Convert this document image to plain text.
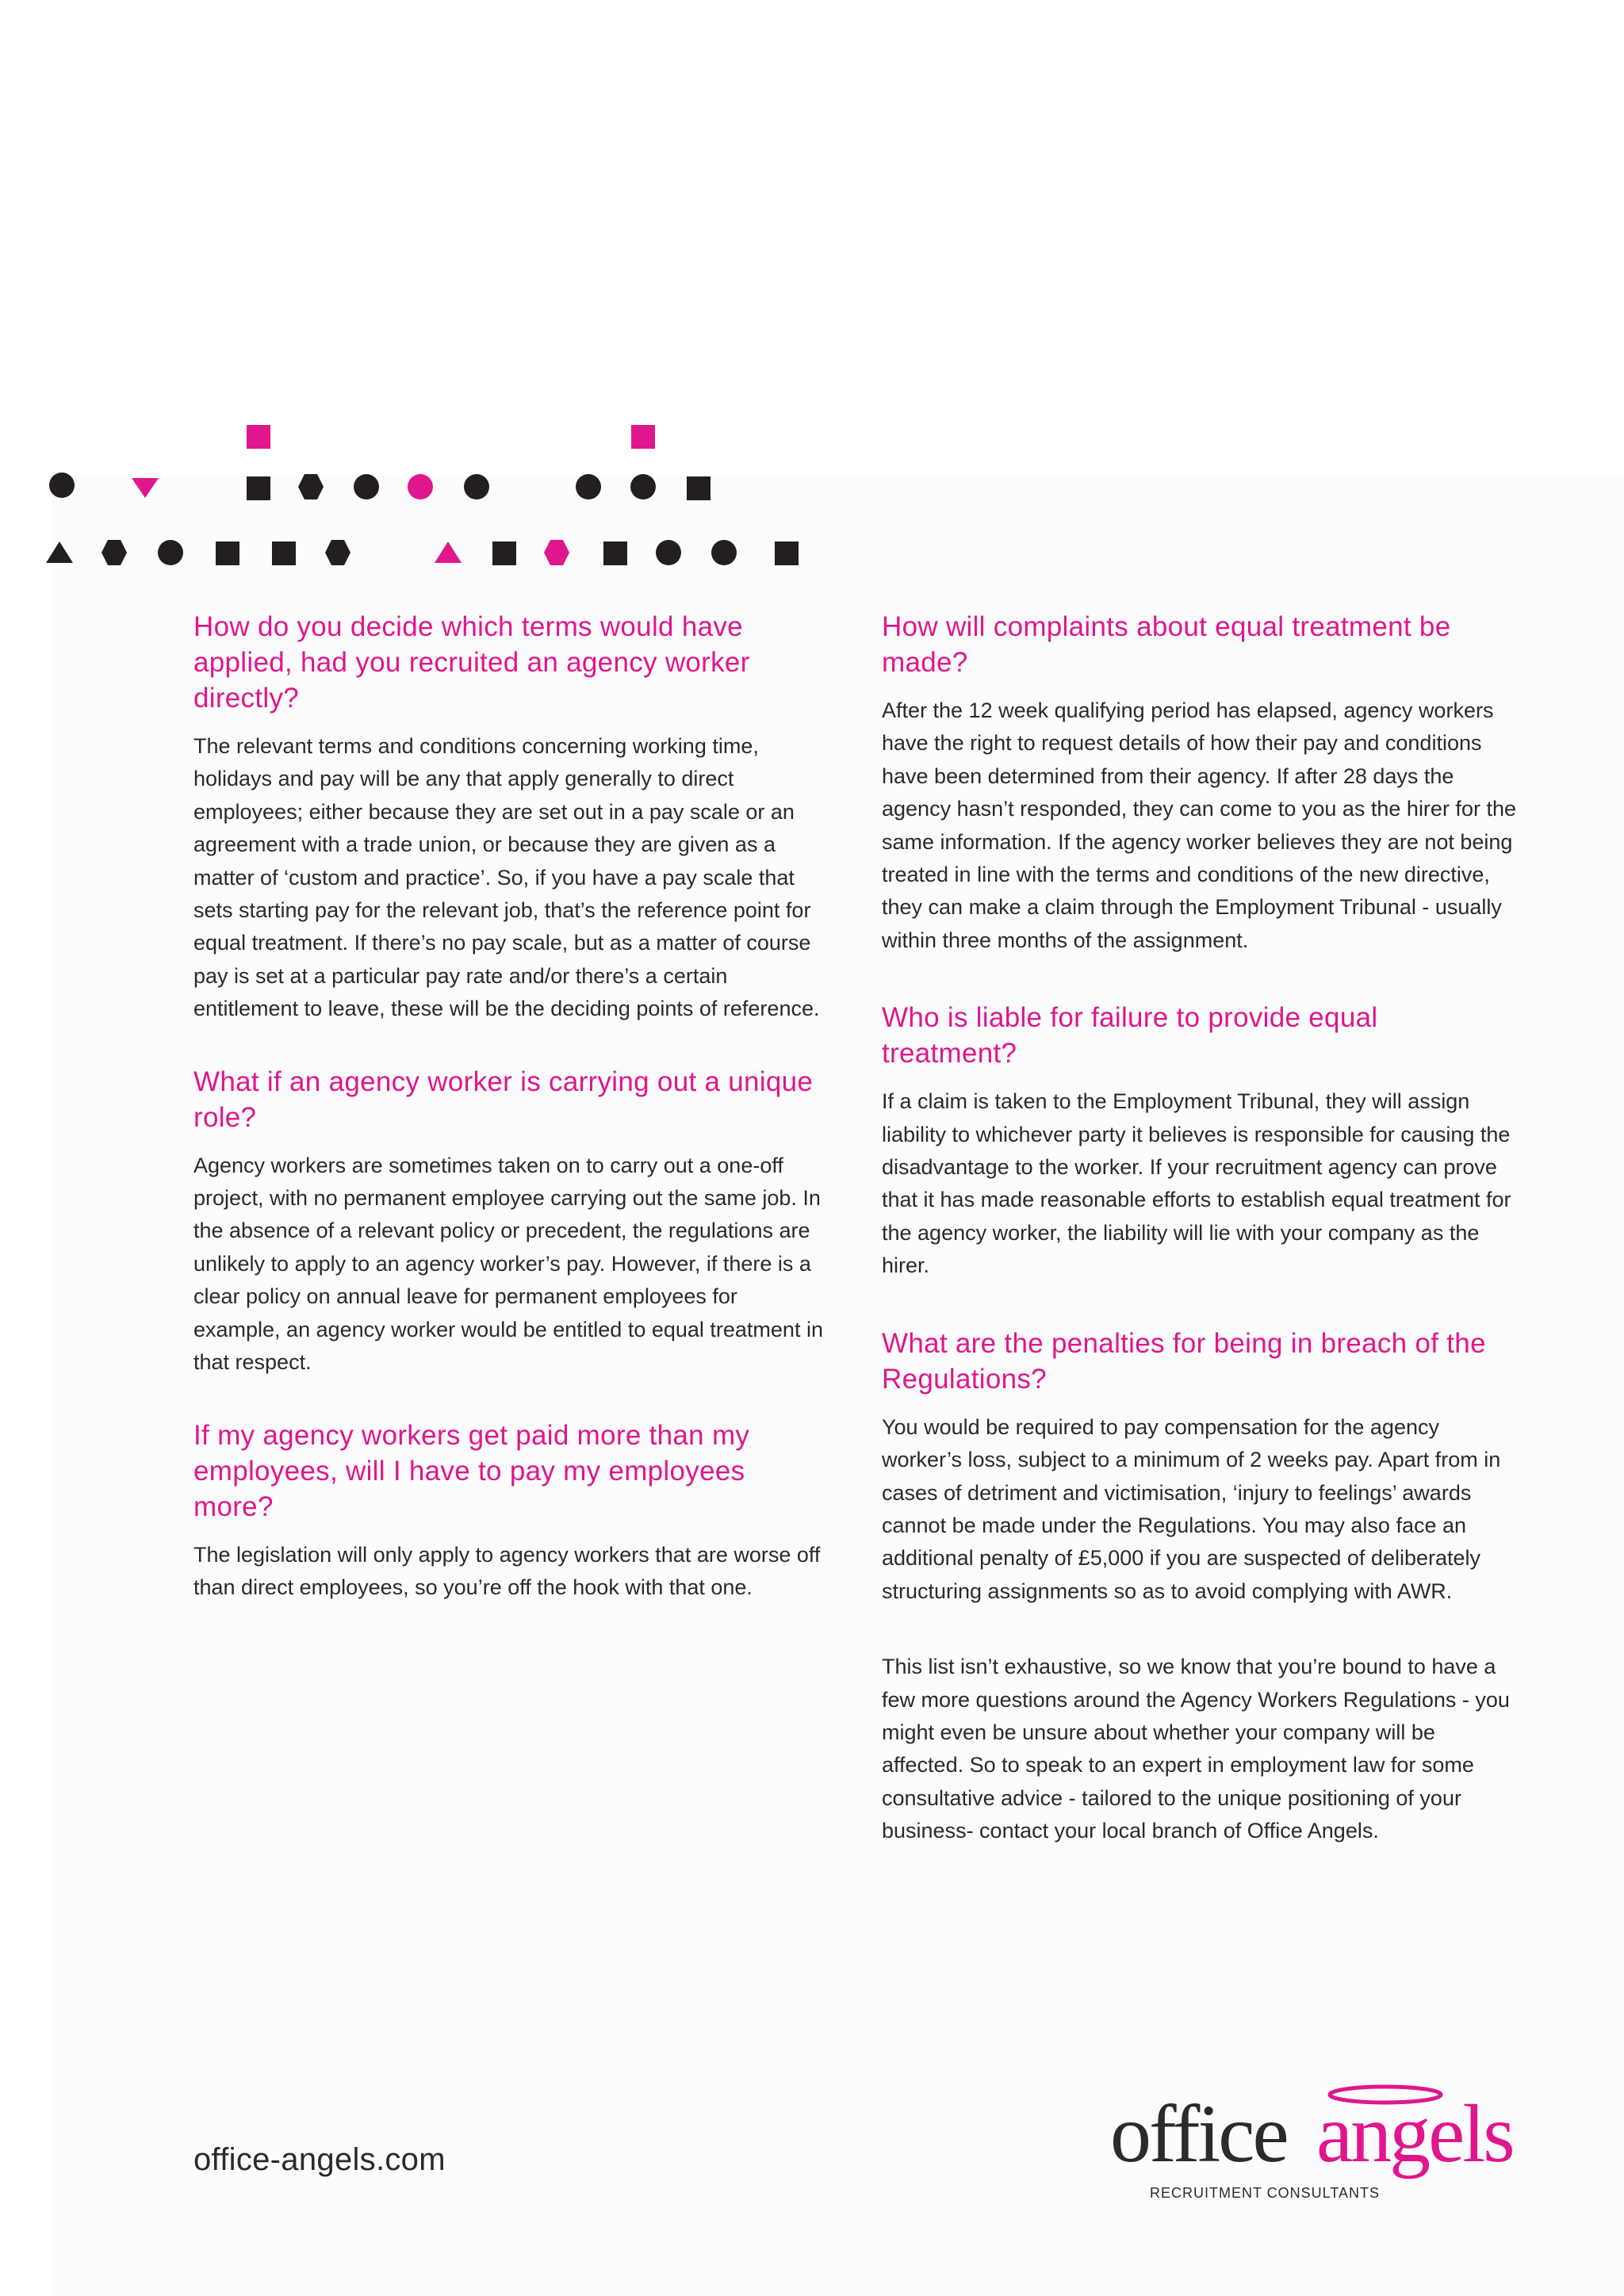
How do you decide which terms would have applied, had you recruited an agency worker directly?

The relevant terms and conditions concerning working time, holidays and pay will be any that apply generally to direct employees; either because they are set out in a pay scale or an agreement with a trade union, or because they are given as a matter of ‘custom and practice’. So, if you have a pay scale that sets starting pay for the relevant job, that’s the reference point for equal treatment. If there’s no pay scale, but as a matter of course pay is set at a particular pay rate and/or there’s a certain entitlement to leave, these will be the deciding points of reference.

What if an agency worker is carrying out a unique role?

Agency workers are sometimes taken on to carry out a one-off project, with no permanent employee carrying out the same job. In the absence of a relevant policy or precedent, the regulations are unlikely to apply to an agency worker’s pay. However, if there is a clear policy on annual leave for permanent employees for example, an agency worker would be entitled to equal treatment in that respect.

If my agency workers get paid more than my employees, will I have to pay my employees more?

The legislation will only apply to agency workers that are worse off than direct employees, so you’re off the hook with that one.

How will complaints about equal treatment be made?

After the 12 week qualifying period has elapsed, agency workers have the right to request details of how their pay and conditions have been determined from their agency. If after 28 days the agency hasn’t responded, they can come to you as the hirer for the same information. If the agency worker believes they are not being treated in line with the terms and conditions of the new directive, they can make a claim through the Employment Tribunal - usually within three months of the assignment.

Who is liable for failure to provide equal treatment?

If a claim is taken to the Employment Tribunal, they will assign liability to whichever party it believes is responsible for causing the disadvantage to the worker. If your recruitment agency can prove that it has made reasonable efforts to establish equal treatment for the agency worker, the liability will lie with your company as the hirer.

What are the penalties for being in breach of the Regulations?

You would be required to pay compensation for the agency worker’s loss, subject to a minimum of 2 weeks pay. Apart from in cases of detriment and victimisation, ‘injury to feelings’ awards cannot be made under the Regulations. You may also face an additional penalty of £5,000 if you are suspected of deliberately structuring assignments so as to avoid complying with AWR.

This list isn’t exhaustive, so we know that you’re bound to have a few more questions around the Agency Workers Regulations - you might even be unsure about whether your company will be affected. So to speak to an expert in employment law for some consultative advice - tailored to the unique positioning of your business- contact your local branch of Office Angels.

office-angels.com	office angels
RECRUITMENT CONSULTANTS
